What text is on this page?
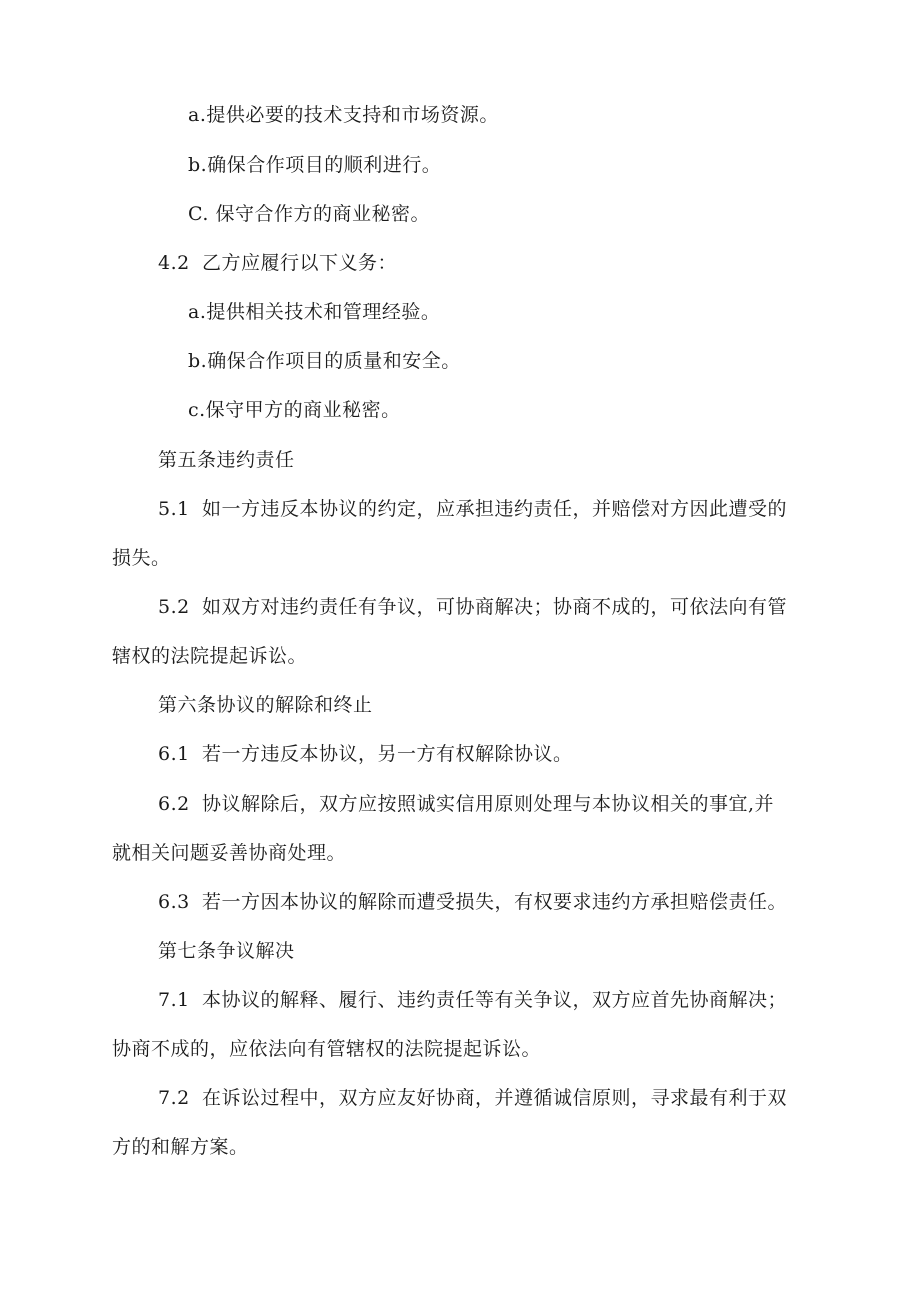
a.提供必要的技术支持和市场资源。
b.确保合作项目的顺利进行。
C. 保守合作方的商业秘密。
4.2 乙方应履行以下义务：
a.提供相关技术和管理经验。
b.确保合作项目的质量和安全。
c.保守甲方的商业秘密。
第五条违约责任
5.1 如一方违反本协议的约定，应承担违约责任，并赔偿对方因此遭受的
损失。
5.2 如双方对违约责任有争议，可协商解决；协商不成的，可依法向有管
辖权的法院提起诉讼。
第六条协议的解除和终止
6.1 若一方违反本协议，另一方有权解除协议。
6.2 协议解除后，双方应按照诚实信用原则处理与本协议相关的事宜,并
就相关问题妥善协商处理。
6.3 若一方因本协议的解除而遭受损失，有权要求违约方承担赔偿责任。
第七条争议解决
7.1 本协议的解释、履行、违约责任等有关争议，双方应首先协商解决；
协商不成的，应依法向有管辖权的法院提起诉讼。
7.2 在诉讼过程中，双方应友好协商，并遵循诚信原则，寻求最有利于双
方的和解方案。
